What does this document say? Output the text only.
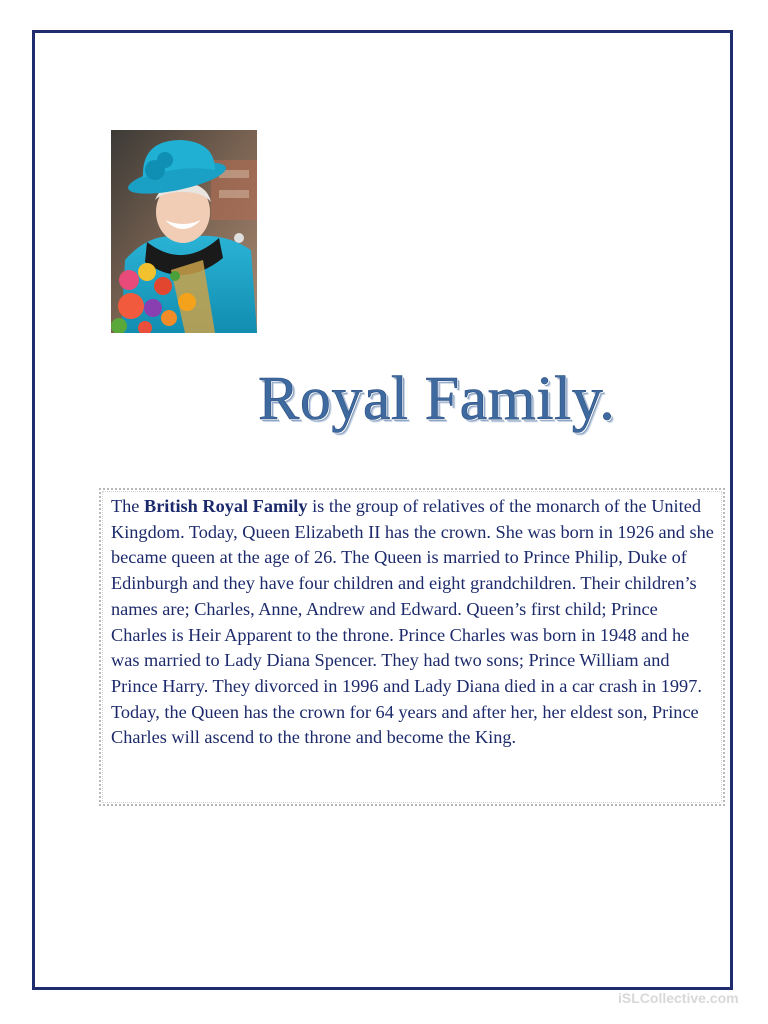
Royal Family.

The British Royal Family is the group of relatives of the monarch of the United Kingdom. Today, Queen Elizabeth II has the crown. She was born in 1926 and she became queen at the age of 26. The Queen is married to Prince Philip, Duke of Edinburgh and they have four children and eight grandchildren. Their children’s names are; Charles, Anne, Andrew and Edward. Queen’s first child; Prince Charles is Heir Apparent to the throne. Prince Charles was born in 1948 and he was married to Lady Diana Spencer. They had two sons; Prince William and Prince Harry. They divorced in 1996 and Lady Diana died in a car crash in 1997. Today, the Queen has the crown for 64 years and after her, her eldest son, Prince Charles will ascend to the throne and become the King.

iSLCollective.com
